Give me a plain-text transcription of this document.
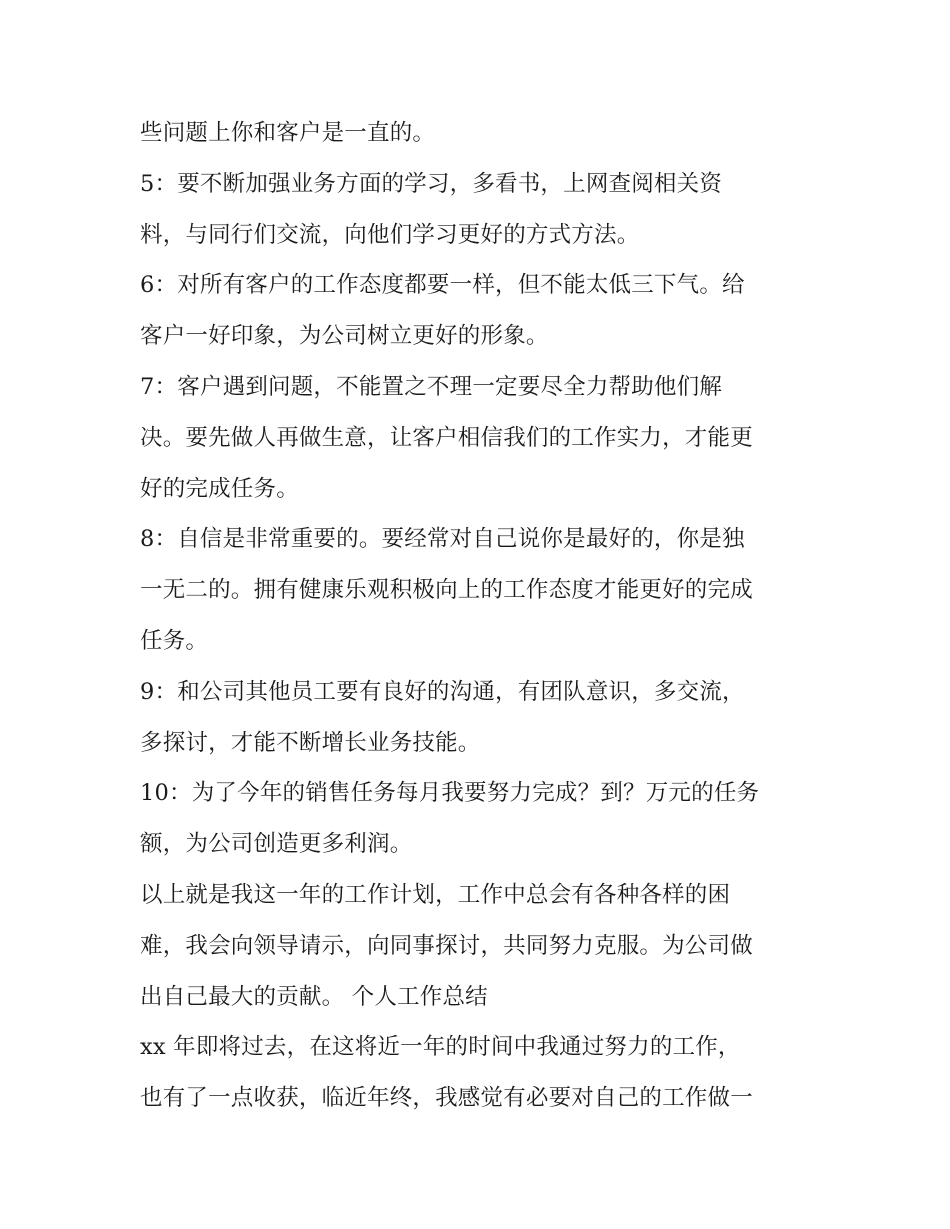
些问题上你和客户是一直的。
5：要不断加强业务方面的学习，多看书，上网查阅相关资
料，与同行们交流，向他们学习更好的方式方法。
6：对所有客户的工作态度都要一样，但不能太低三下气。给
客户一好印象，为公司树立更好的形象。
7：客户遇到问题，不能置之不理一定要尽全力帮助他们解
决。要先做人再做生意，让客户相信我们的工作实力，才能更
好的完成任务。
8：自信是非常重要的。要经常对自己说你是最好的，你是独
一无二的。拥有健康乐观积极向上的工作态度才能更好的完成
任务。
9：和公司其他员工要有良好的沟通，有团队意识，多交流，
多探讨，才能不断增长业务技能。
10：为了今年的销售任务每月我要努力完成？到？万元的任务
额，为公司创造更多利润。
以上就是我这一年的工作计划，工作中总会有各种各样的困
难，我会向领导请示，向同事探讨，共同努力克服。为公司做
出自己最大的贡献。 个人工作总结
xx 年即将过去，在这将近一年的时间中我通过努力的工作，
也有了一点收获，临近年终，我感觉有必要对自己的工作做一
